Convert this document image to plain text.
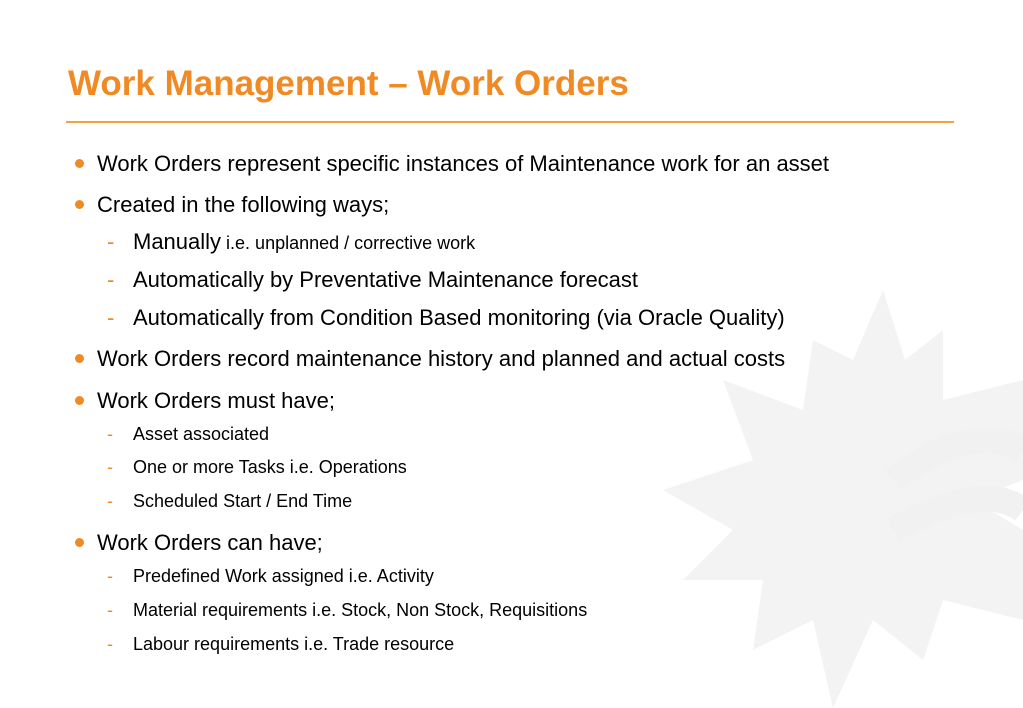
Work Management – Work Orders
Work Orders represent specific instances of Maintenance work for an asset
Created in the following ways;
- Manually i.e. unplanned / corrective work
- Automatically by Preventative Maintenance forecast
- Automatically from Condition Based monitoring (via Oracle Quality)
Work Orders record maintenance history and planned and actual costs
Work Orders must have;
- Asset associated
- One or more Tasks i.e. Operations
- Scheduled Start / End Time
Work Orders can have;
- Predefined Work assigned i.e. Activity
- Material requirements i.e. Stock, Non Stock, Requisitions
- Labour requirements i.e. Trade resource
